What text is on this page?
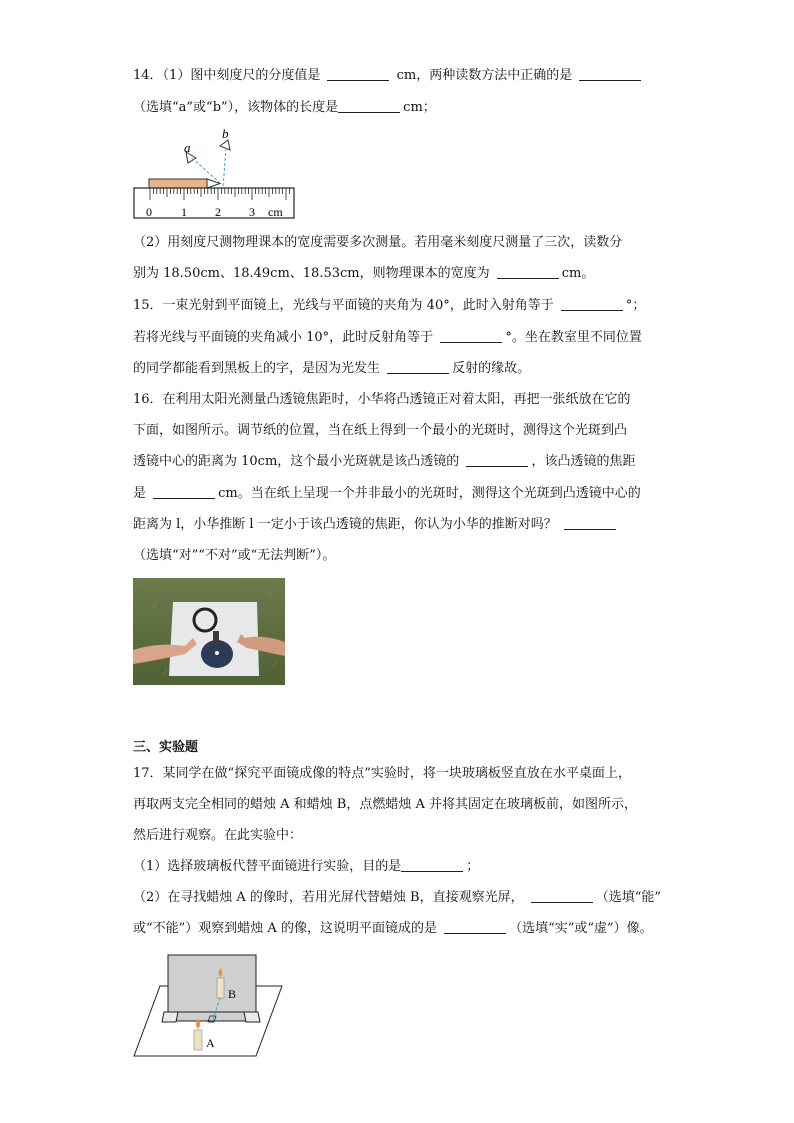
14．（1）图中刻度尺的分度值是	cm，两种读数方法中正确的是
（选填“a”或“b”），该物体的长度是	cm；
a
b
0 1 2 3 cm
（2）用刻度尺测物理课本的宽度需要多次测量。若用毫米刻度尺测量了三次，读数分
别为 18.50cm、18.49cm、18.53cm，则物理课本的宽度为	cm。
15．一束光射到平面镜上，光线与平面镜的夹角为 40°，此时入射角等于	°；
若将光线与平面镜的夹角减小 10°，此时反射角等于	°。坐在教室里不同位置
的同学都能看到黑板上的字，是因为光发生	反射的缘故。
16．在利用太阳光测量凸透镜焦距时，小华将凸透镜正对着太阳，再把一张纸放在它的
下面，如图所示。调节纸的位置，当在纸上得到一个最小的光斑时，测得这个光斑到凸
透镜中心的距离为 10cm，这个最小光斑就是该凸透镜的	，该凸透镜的焦距
是	cm。当在纸上呈现一个并非最小的光斑时，测得这个光斑到凸透镜中心的
距离为 l，小华推断 l 一定小于该凸透镜的焦距，你认为小华的推断对吗？
（选填“对”“不对”或“无法判断”）。
三、实验题
17．某同学在做“探究平面镜成像的特点”实验时，将一块玻璃板竖直放在水平桌面上，
再取两支完全相同的蜡烛 A 和蜡烛 B，点燃蜡烛 A 并将其固定在玻璃板前，如图所示，
然后进行观察。在此实验中：
（1）选择玻璃板代替平面镜进行实验，目的是	；
（2）在寻找蜡烛 A 的像时，若用光屏代替蜡烛 B，直接观察光屏，	（选填“能”
或“不能”）观察到蜡烛 A 的像，这说明平面镜成的是	（选填“实”或“虚”）像。
B
A
